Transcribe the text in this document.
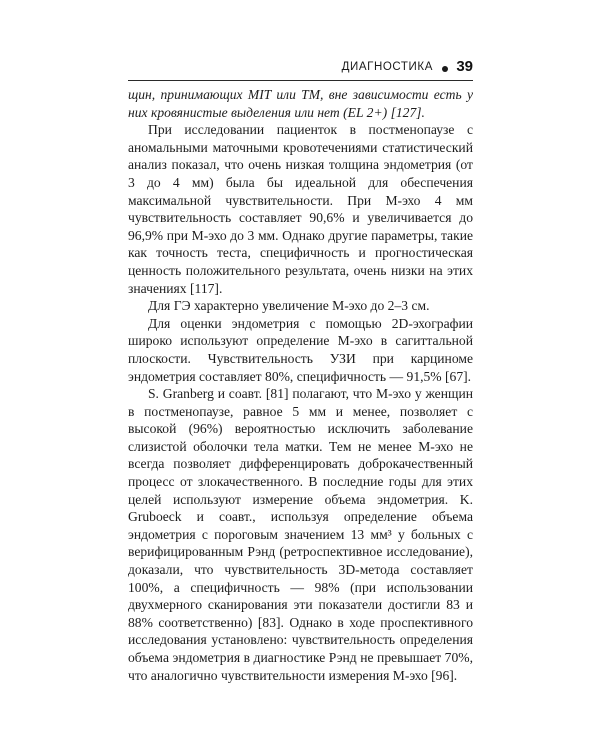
ДИАГНОСТИКА 39

щин, принимающих MIT или TM, вне зависимости есть у них кровянистые выделения или нет (EL 2+) [127].

При исследовании пациенток в постменопаузе с аномальными маточными кровотечениями статистический анализ показал, что очень низкая толщина эндометрия (от 3 до 4 мм) была бы идеальной для обеспечения максимальной чувствительности. При М-эхо 4 мм чувствительность составляет 90,6% и увеличивается до 96,9% при М-эхо до 3 мм. Однако другие параметры, такие как точность теста, специфичность и прогностическая ценность положительного результата, очень низки на этих значениях [117].

Для ГЭ характерно увеличение М-эхо до 2–3 см.

Для оценки эндометрия с помощью 2D-эхографии широко используют определение М-эхо в сагиттальной плоскости. Чувствительность УЗИ при карциноме эндометрия составляет 80%, специфичность — 91,5% [67].

S. Granberg и соавт. [81] полагают, что М-эхо у женщин в постменопаузе, равное 5 мм и менее, позволяет с высокой (96%) вероятностью исключить заболевание слизистой оболочки тела матки. Тем не менее М-эхо не всегда позволяет дифференцировать доброкачественный процесс от злокачественного. В последние годы для этих целей используют измерение объема эндометрия. K. Gruboeck и соавт., используя определение объема эндометрия с пороговым значением 13 мм³ у больных с верифицированным Рэнд (ретроспективное исследование), доказали, что чувствительность 3D-метода составляет 100%, а специфичность — 98% (при использовании двухмерного сканирования эти показатели достигли 83 и 88% соответственно) [83]. Однако в ходе проспективного исследования установлено: чувствительность определения объема эндометрия в диагностике Рэнд не превышает 70%, что аналогично чувствительности измерения М-эхо [96].
